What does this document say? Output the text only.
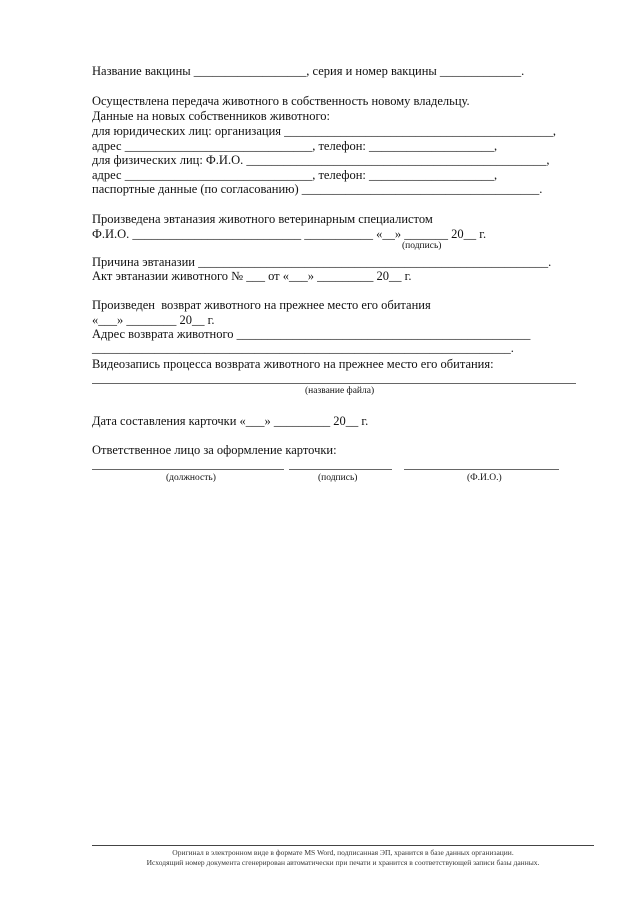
Название вакцины __________________, серия и номер вакцины _____________.
Осуществлена передача животного в собственность новому владельцу.
Данные на новых собственников животного:
для юридических лиц: организация ___________________________________________,
адрес ______________________________, телефон: ____________________,
для физических лиц: Ф.И.О. ________________________________________________,
адрес ______________________________, телефон: ____________________,
паспортные данные (по согласованию) ______________________________________.
Произведена эвтаназия животного ветеринарным специалистом
Ф.И.О. ___________________________ ___________ «__» _______ 20__ г.
(подпись)
Причина эвтаназии ________________________________________________________.
Акт эвтаназии животного № ___ от «___» _________ 20__ г.
Произведен  возврат животного на прежнее место его обитания
«___» ________ 20__ г.
Адрес возврата животного _______________________________________________
___________________________________________________________________.
Видеозапись процесса возврата животного на прежнее место его обитания:
(название файла)
Дата составления карточки «___» _________ 20__ г.
Ответственное лицо за оформление карточки:
(должность)	(подпись)	(Ф.И.О.)
Оригинал в электронном виде в формате MS Word, подписанная ЭП, хранится в базе данных организации.
Исходящий номер документа сгенерирован автоматически при печати и хранится в соответствующей записи базы данных.
